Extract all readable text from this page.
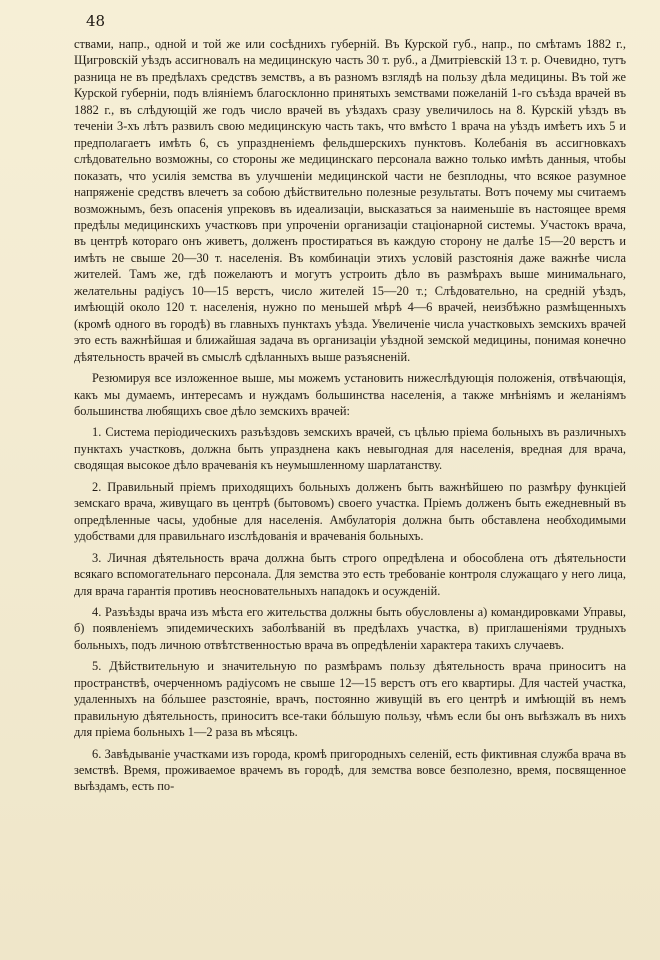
48

ствами, напр., одной и той же или сосѣднихъ губерній. Въ Курской губ., напр., по смѣтамъ 1882 г., Щигровскій уѣздъ ассигновалъ на медицинскую часть 30 т. руб., а Дмитріевскій 13 т. р. Очевидно, тутъ разница не въ предѣлахъ средствъ земствъ, а въ разномъ взглядѣ на пользу дѣла медицины. Въ той же Курской губерніи, подъ вліяніемъ благосклонно принятыхъ земствами пожеланій 1-го съѣзда врачей въ 1882 г., въ слѣдующій же годъ число врачей въ уѣздахъ сразу увеличилось на 8. Курскій уѣздъ въ теченіи 3-хъ лѣтъ развилъ свою медицинскую часть такъ, что вмѣсто 1 врача на уѣздъ имѣетъ ихъ 5 и предполагаетъ имѣть 6, съ упраздненіемъ фельдшерскихъ пунктовъ. Колебанія въ ассигновкахъ слѣдовательно возможны, со стороны же медицинскаго персонала важно только имѣть данныя, чтобы показать, что усилія земства въ улучшеніи медицинской части не безплодны, что всякое разумное напряженіе средствъ влечетъ за собою дѣйствительно полезные результаты. Вотъ почему мы считаемъ возможнымъ, безъ опасенія упрековъ въ идеализаціи, высказаться за наименьшіе въ настоящее время предѣлы медицинскихъ участковъ при упроченіи организаціи стаціонарной системы. Участокъ врача, въ центрѣ котораго онъ живетъ, долженъ простираться въ каждую сторону не далѣе 15—20 верстъ и имѣть не свыше 20—30 т. населенія. Въ комбинаціи этихъ условій разстоянія даже важнѣе числа жителей. Тамъ же, гдѣ пожелаютъ и могутъ устроить дѣло въ размѣрахъ выше минимальнаго, желательны радіусъ 10—15 верстъ, число жителей 15—20 т.; Слѣдовательно, на средній уѣздъ, имѣющій около 120 т. населенія, нужно по меньшей мѣрѣ 4—6 врачей, неизбѣжно размѣщенныхъ (кромѣ одного въ городѣ) въ главныхъ пунктахъ уѣзда. Увеличеніе числа участковыхъ земскихъ врачей это есть важнѣйшая и ближайшая задача въ организаціи уѣздной земской медицины, понимая конечно дѣятельность врачей въ смыслѣ сдѣланныхъ выше разъясненій.

Резюмируя все изложенное выше, мы можемъ установить нижеслѣдующія положенія, отвѣчающія, какъ мы думаемъ, интересамъ и нуждамъ большинства населенія, а также мнѣніямъ и желаніямъ большинства любящихъ свое дѣло земскихъ врачей:

1. Система періодическихъ разъѣздовъ земскихъ врачей, съ цѣлью пріема больныхъ въ различныхъ пунктахъ участковъ, должна быть упразднена какъ невыгодная для населенія, вредная для врача, сводящая высокое дѣло врачеванія къ неумышленному шарлатанству.

2. Правильный пріемъ приходящихъ больныхъ долженъ быть важнѣйшею по размѣру функціей земскаго врача, живущаго въ центрѣ (бытовомъ) своего участка. Пріемъ долженъ быть ежедневный въ опредѣленные часы, удобные для населенія. Амбулаторія должна быть обставлена необходимыми удобствами для правильнаго изслѣдованія и врачеванія больныхъ.

3. Личная дѣятельность врача должна быть строго опредѣлена и обособлена отъ дѣятельности всякаго вспомогательнаго персонала. Для земства это есть требованіе контроля служащаго у него лица, для врача гарантія противъ неосновательныхъ нападокъ и осужденій.

4. Разъѣзды врача изъ мѣста его жительства должны быть обусловлены а) командировками Управы, б) появленіемъ эпидемическихъ заболѣваній въ предѣлахъ участка, в) приглашеніями трудныхъ больныхъ, подъ личною отвѣтственностью врача въ опредѣленіи характера такихъ случаевъ.

5. Дѣйствительную и значительную по размѣрамъ пользу дѣятельность врача приноситъ на пространствѣ, очерченномъ радіусомъ не свыше 12—15 верстъ отъ его квартиры. Для частей участка, удаленныхъ на бóльшее разстояніе, врачъ, постоянно живущій въ его центрѣ и имѣющій въ немъ правильную дѣятельность, приноситъ все-таки бóльшую пользу, чѣмъ если бы онъ выѣзжалъ въ нихъ для пріема больныхъ 1—2 раза въ мѣсяцъ.

6. Завѣдываніе участками изъ города, кромѣ пригородныхъ селеній, есть фиктивная служба врача въ земствѣ. Время, проживаемое врачемъ въ городѣ, для земства вовсе безполезно, время, посвященное выѣздамъ, есть по-
